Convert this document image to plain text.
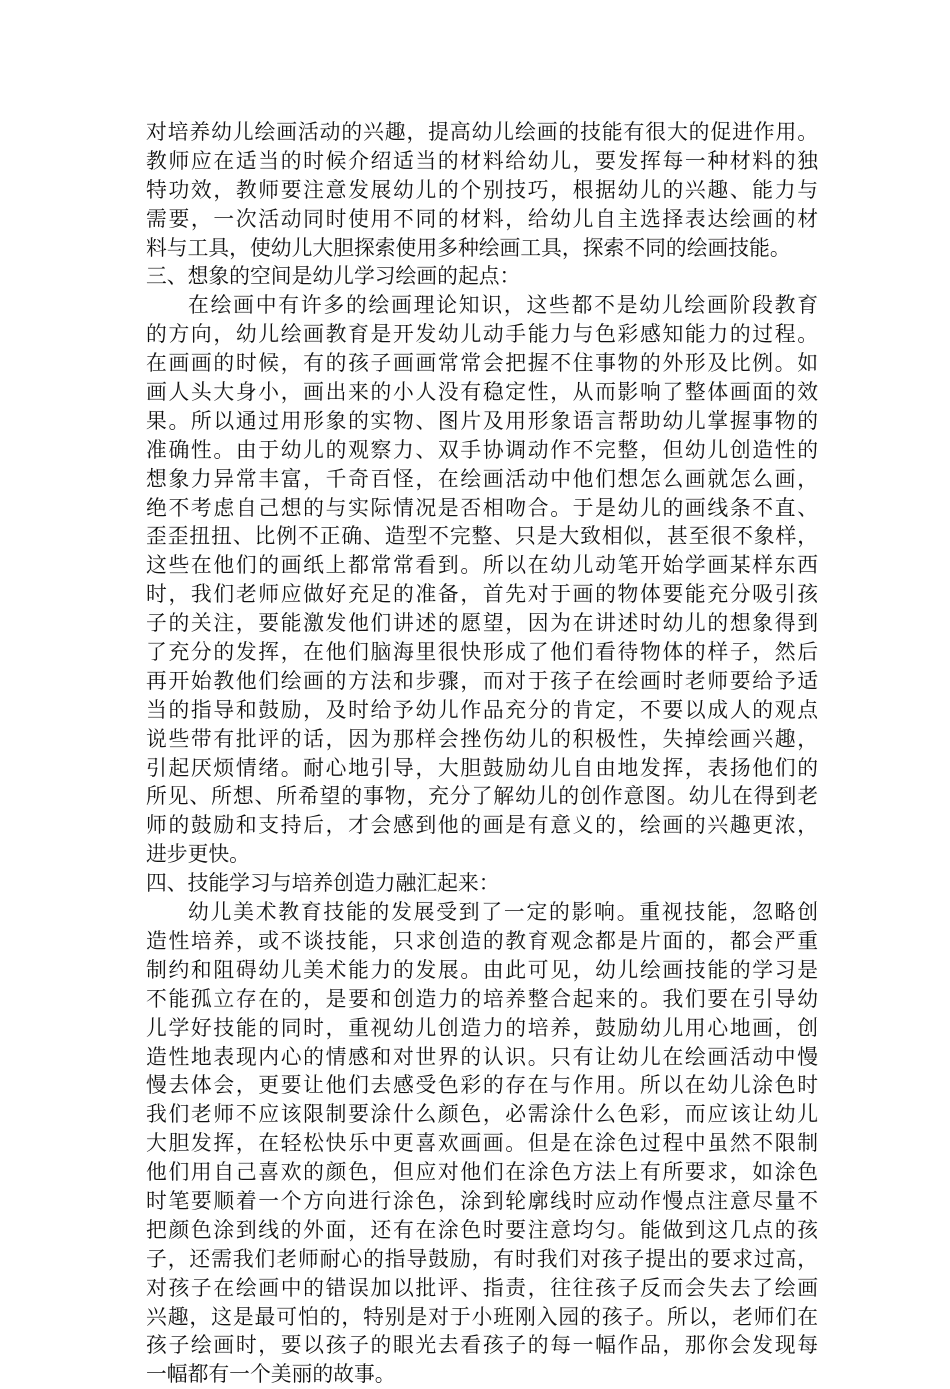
对培养幼儿绘画活动的兴趣，提高幼儿绘画的技能有很大的促进作用。
教师应在适当的时候介绍适当的材料给幼儿，要发挥每一种材料的独
特功效，教师要注意发展幼儿的个别技巧，根据幼儿的兴趣、能力与
需要，一次活动同时使用不同的材料，给幼儿自主选择表达绘画的材
料与工具，使幼儿大胆探索使用多种绘画工具，探索不同的绘画技能。
三、想象的空间是幼儿学习绘画的起点：
在绘画中有许多的绘画理论知识，这些都不是幼儿绘画阶段教育
的方向，幼儿绘画教育是开发幼儿动手能力与色彩感知能力的过程。
在画画的时候，有的孩子画画常常会把握不住事物的外形及比例。如
画人头大身小，画出来的小人没有稳定性，从而影响了整体画面的效
果。所以通过用形象的实物、图片及用形象语言帮助幼儿掌握事物的
准确性。由于幼儿的观察力、双手协调动作不完整，但幼儿创造性的
想象力异常丰富，千奇百怪，在绘画活动中他们想怎么画就怎么画，
绝不考虑自己想的与实际情况是否相吻合。于是幼儿的画线条不直、
歪歪扭扭、比例不正确、造型不完整、只是大致相似，甚至很不象样，
这些在他们的画纸上都常常看到。所以在幼儿动笔开始学画某样东西
时，我们老师应做好充足的准备，首先对于画的物体要能充分吸引孩
子的关注，要能激发他们讲述的愿望，因为在讲述时幼儿的想象得到
了充分的发挥，在他们脑海里很快形成了他们看待物体的样子，然后
再开始教他们绘画的方法和步骤，而对于孩子在绘画时老师要给予适
当的指导和鼓励，及时给予幼儿作品充分的肯定，不要以成人的观点
说些带有批评的话，因为那样会挫伤幼儿的积极性，失掉绘画兴趣，
引起厌烦情绪。耐心地引导，大胆鼓励幼儿自由地发挥，表扬他们的
所见、所想、所希望的事物，充分了解幼儿的创作意图。幼儿在得到老
师的鼓励和支持后，才会感到他的画是有意义的，绘画的兴趣更浓，
进步更快。
四、技能学习与培养创造力融汇起来：
幼儿美术教育技能的发展受到了一定的影响。重视技能，忽略创
造性培养，或不谈技能，只求创造的教育观念都是片面的，都会严重
制约和阻碍幼儿美术能力的发展。由此可见，幼儿绘画技能的学习是
不能孤立存在的，是要和创造力的培养整合起来的。我们要在引导幼
儿学好技能的同时，重视幼儿创造力的培养，鼓励幼儿用心地画，创
造性地表现内心的情感和对世界的认识。只有让幼儿在绘画活动中慢
慢去体会，更要让他们去感受色彩的存在与作用。所以在幼儿涂色时
我们老师不应该限制要涂什么颜色，必需涂什么色彩，而应该让幼儿
大胆发挥，在轻松快乐中更喜欢画画。但是在涂色过程中虽然不限制
他们用自己喜欢的颜色，但应对他们在涂色方法上有所要求，如涂色
时笔要顺着一个方向进行涂色，涂到轮廓线时应动作慢点注意尽量不
把颜色涂到线的外面，还有在涂色时要注意均匀。能做到这几点的孩
子，还需我们老师耐心的指导鼓励，有时我们对孩子提出的要求过高，
对孩子在绘画中的错误加以批评、指责，往往孩子反而会失去了绘画
兴趣，这是最可怕的，特别是对于小班刚入园的孩子。所以，老师们在
孩子绘画时，要以孩子的眼光去看孩子的每一幅作品，那你会发现每
一幅都有一个美丽的故事。
